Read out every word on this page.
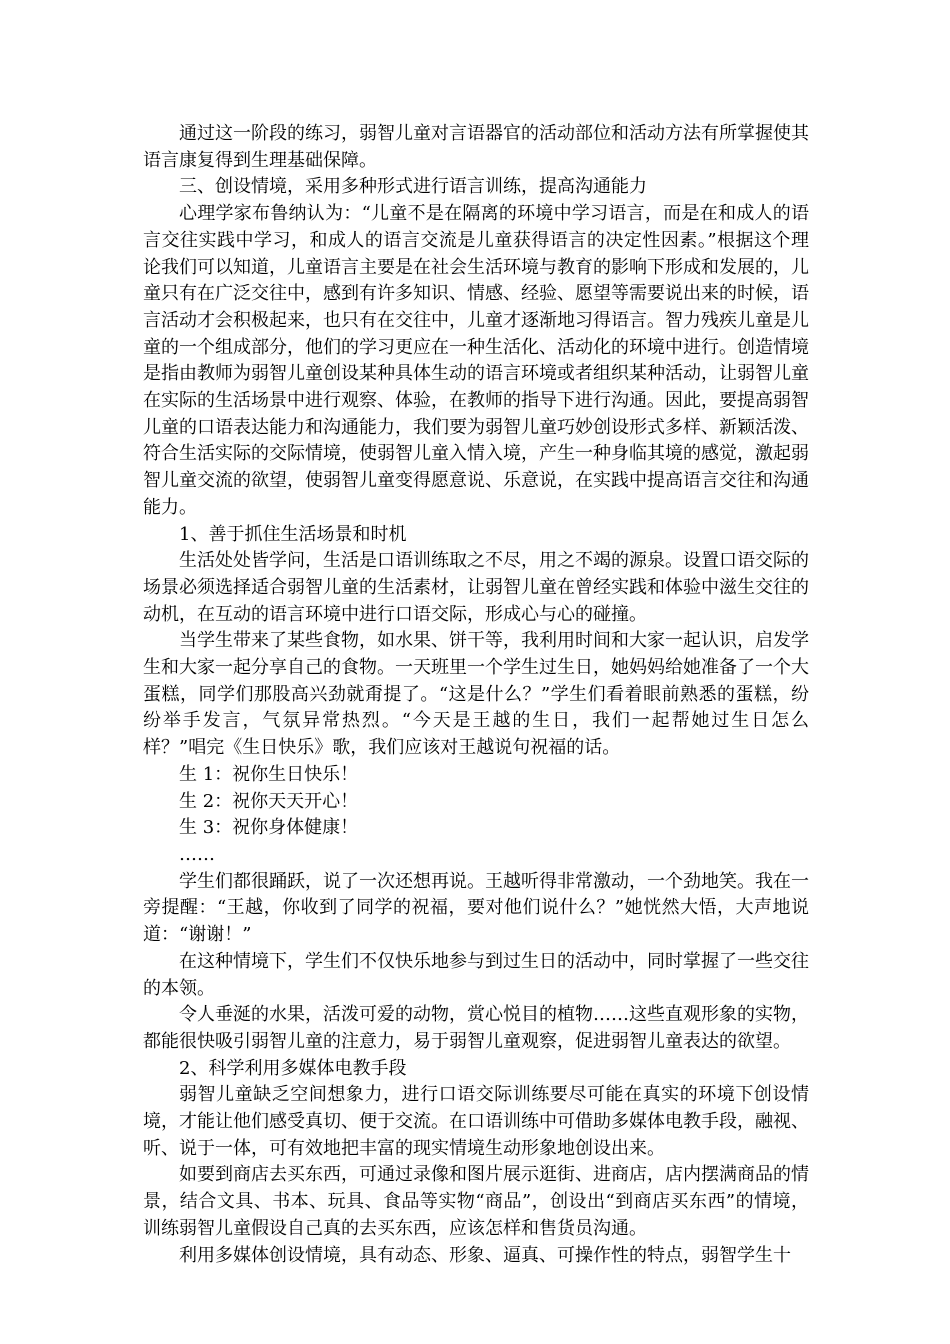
通过这一阶段的练习，弱智儿童对言语器官的活动部位和活动方法有所掌握使其语言康复得到生理基础保障。

三、创设情境，采用多种形式进行语言训练，提高沟通能力

心理学家布鲁纳认为：“儿童不是在隔离的环境中学习语言，而是在和成人的语言交往实践中学习，和成人的语言交流是儿童获得语言的决定性因素。”根据这个理论我们可以知道，儿童语言主要是在社会生活环境与教育的影响下形成和发展的，儿童只有在广泛交往中，感到有许多知识、情感、经验、愿望等需要说出来的时候，语言活动才会积极起来，也只有在交往中，儿童才逐渐地习得语言。智力残疾儿童是儿童的一个组成部分，他们的学习更应在一种生活化、活动化的环境中进行。创造情境是指由教师为弱智儿童创设某种具体生动的语言环境或者组织某种活动，让弱智儿童在实际的生活场景中进行观察、体验，在教师的指导下进行沟通。因此，要提高弱智儿童的口语表达能力和沟通能力，我们要为弱智儿童巧妙创设形式多样、新颖活泼、符合生活实际的交际情境，使弱智儿童入情入境，产生一种身临其境的感觉，激起弱智儿童交流的欲望，使弱智儿童变得愿意说、乐意说，在实践中提高语言交往和沟通能力。

1、善于抓住生活场景和时机

生活处处皆学问，生活是口语训练取之不尽，用之不竭的源泉。设置口语交际的场景必须选择适合弱智儿童的生活素材，让弱智儿童在曾经实践和体验中滋生交往的动机，在互动的语言环境中进行口语交际，形成心与心的碰撞。

当学生带来了某些食物，如水果、饼干等，我利用时间和大家一起认识，启发学生和大家一起分享自己的食物。一天班里一个学生过生日，她妈妈给她准备了一个大蛋糕，同学们那股高兴劲就甭提了。“这是什么？”学生们看着眼前熟悉的蛋糕，纷纷举手发言，气氛异常热烈。“今天是王越的生日，我们一起帮她过生日怎么样？”唱完《生日快乐》歌，我们应该对王越说句祝福的话。

生 1：祝你生日快乐！

生 2：祝你天天开心！

生 3：祝你身体健康！

……

学生们都很踊跃，说了一次还想再说。王越听得非常激动，一个劲地笑。我在一旁提醒：“王越，你收到了同学的祝福，要对他们说什么？”她恍然大悟，大声地说道：“谢谢！”

在这种情境下，学生们不仅快乐地参与到过生日的活动中，同时掌握了一些交往的本领。

令人垂涎的水果，活泼可爱的动物，赏心悦目的植物……这些直观形象的实物，都能很快吸引弱智儿童的注意力，易于弱智儿童观察，促进弱智儿童表达的欲望。

2、科学利用多媒体电教手段

弱智儿童缺乏空间想象力，进行口语交际训练要尽可能在真实的环境下创设情境，才能让他们感受真切、便于交流。在口语训练中可借助多媒体电教手段，融视、听、说于一体，可有效地把丰富的现实情境生动形象地创设出来。

如要到商店去买东西，可通过录像和图片展示逛街、进商店，店内摆满商品的情景，结合文具、书本、玩具、食品等实物“商品”，创设出“到商店买东西”的情境，训练弱智儿童假设自己真的去买东西，应该怎样和售货员沟通。

利用多媒体创设情境，具有动态、形象、逼真、可操作性的特点，弱智学生十
